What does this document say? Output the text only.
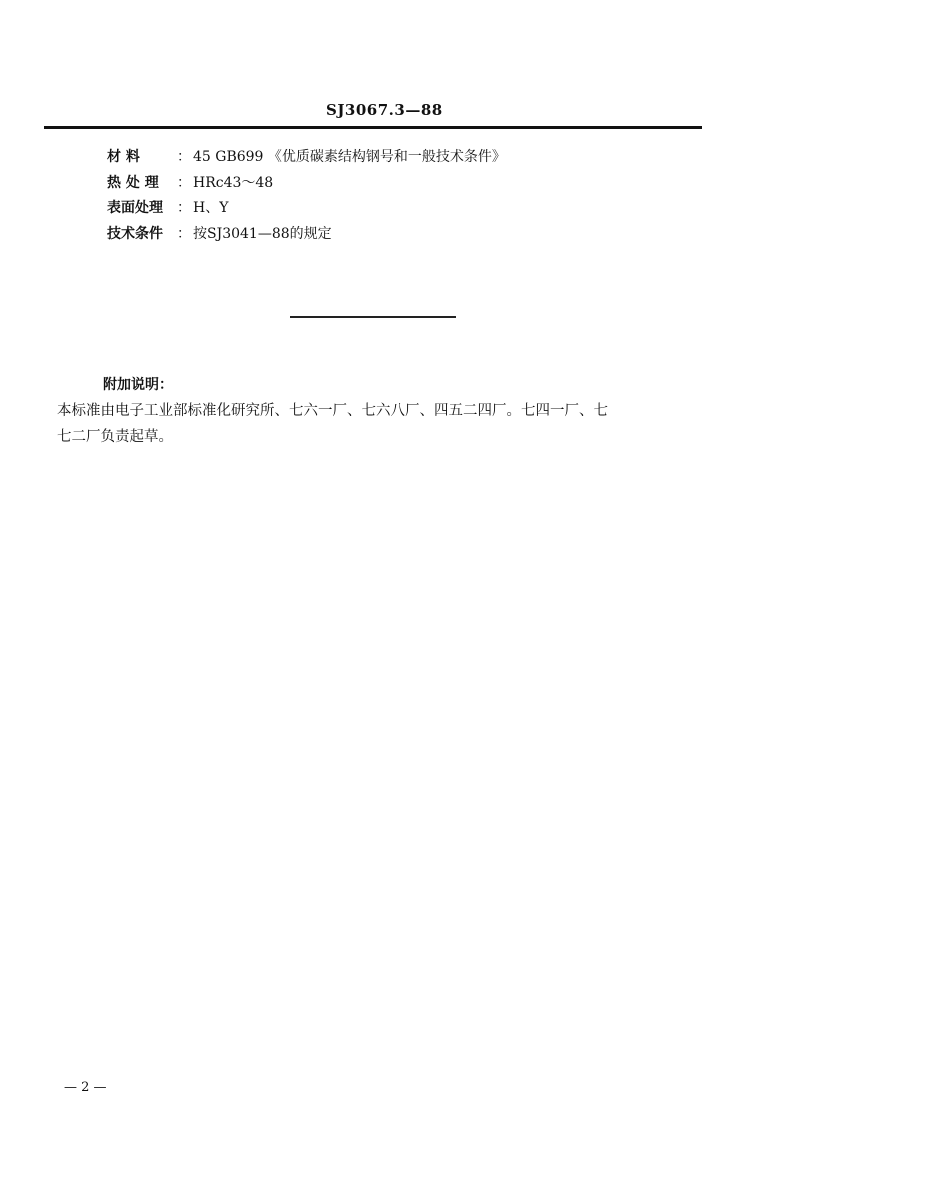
SJ3067.3—88
材 料	： 45 GB699 《优质碳素结构钢号和一般技术条件》
热 处 理 ： HRc43～48
表面处理 ： H、Y
技术条件 ： 按SJ3041—88的规定
附加说明：
本标准由电子工业部标准化研究所、七六一厂、七六八厂、四五二四厂。七四一厂、七
七二厂负责起草。
— 2 —
